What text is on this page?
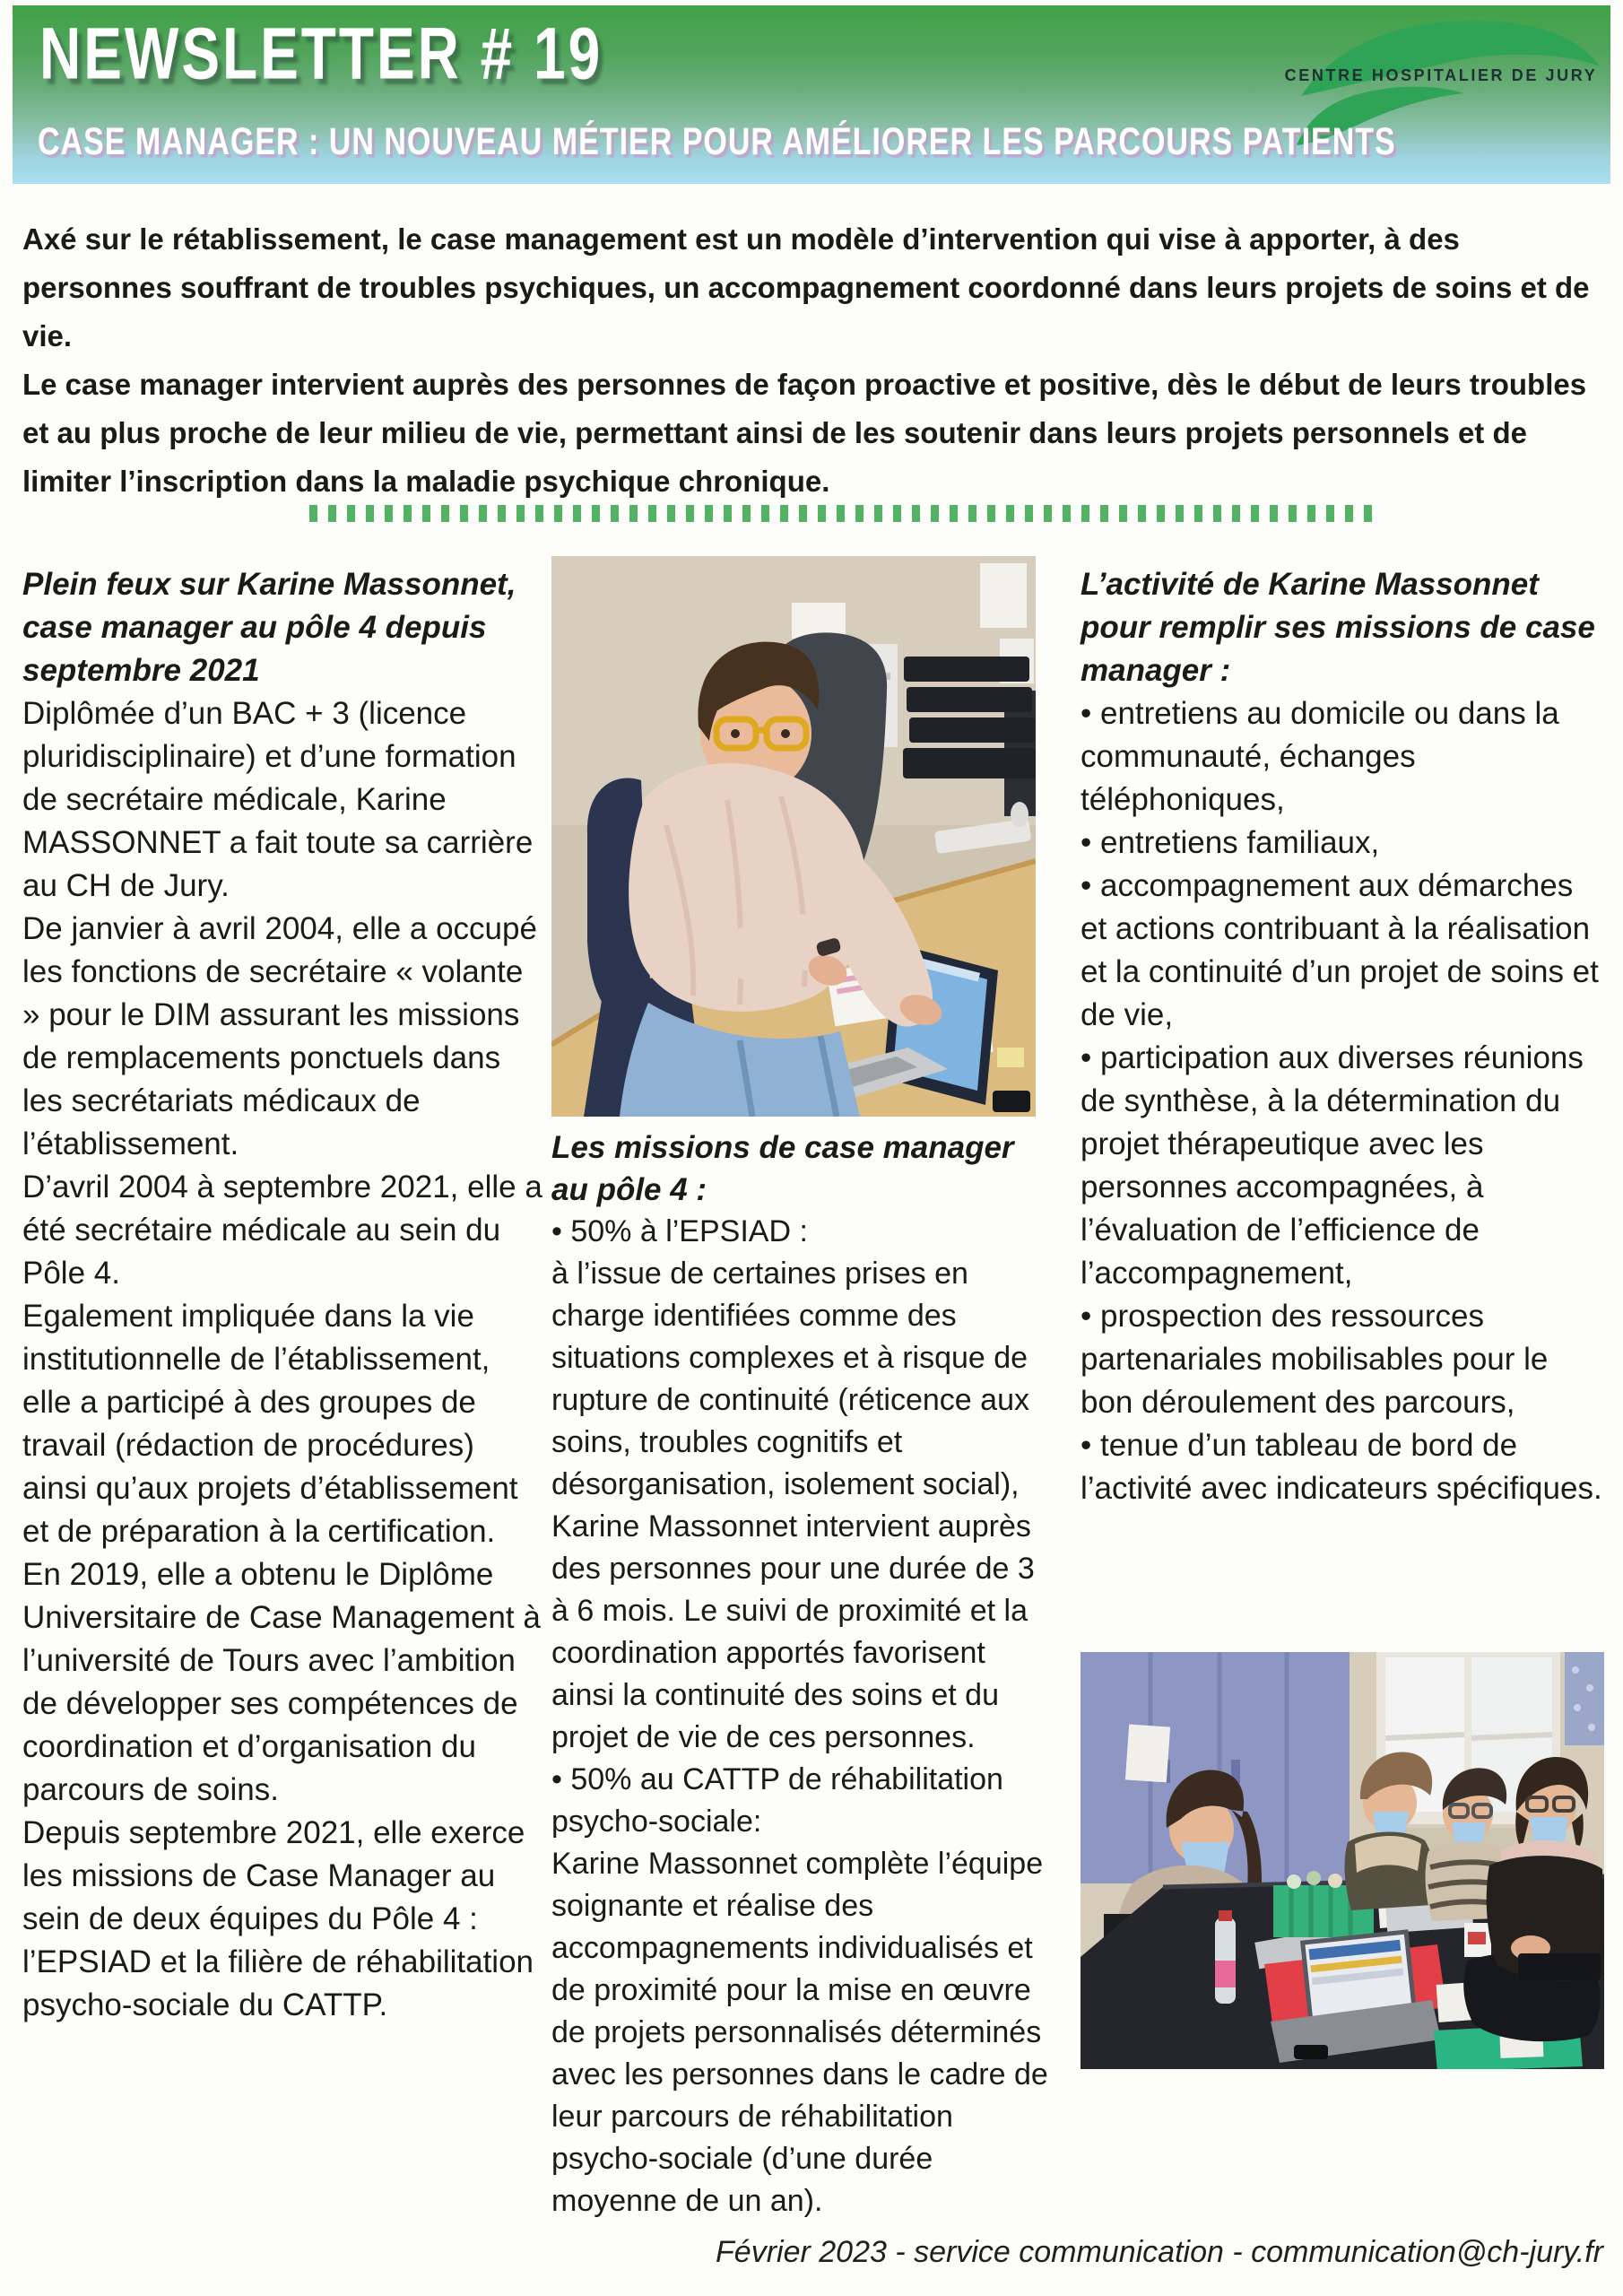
NEWSLETTER # 19	CENTRE HOSPITALIER DE JURY
CASE MANAGER : UN NOUVEAU MÉTIER POUR AMÉLIORER LES PARCOURS PATIENTS

Axé sur le rétablissement, le case management est un modèle d’intervention qui vise à apporter, à des personnes souffrant de troubles psychiques, un accompagnement coordonné dans leurs projets de soins et de vie.

Le case manager intervient auprès des personnes de façon proactive et positive, dès le début de leurs troubles et au plus proche de leur milieu de vie, permettant ainsi de les soutenir dans leurs projets personnels et de limiter l’inscription dans la maladie psychique chronique.

Plein feux sur Karine Massonnet, case manager au pôle 4 depuis septembre 2021

Diplômée d’un BAC + 3 (licence pluridisciplinaire) et d’une formation de secrétaire médicale, Karine MASSONNET a fait toute sa carrière au CH de Jury.

De janvier à avril 2004, elle a occupé les fonctions de secrétaire « volante » pour le DIM assurant les missions de remplacements ponctuels dans les secrétariats médicaux de l’établissement.

D’avril 2004 à septembre 2021, elle a été secrétaire médicale au sein du Pôle 4.

Egalement impliquée dans la vie institutionnelle de l’établissement, elle a participé à des groupes de travail (rédaction de procédures) ainsi qu’aux projets d’établissement et de préparation à la certification.

En 2019, elle a obtenu le Diplôme Universitaire de Case Management à l’université de Tours avec l’ambition de développer ses compétences de coordination et d’organisation du parcours de soins.

Depuis septembre 2021, elle exerce les missions de Case Manager au sein de deux équipes du Pôle 4 : l’EPSIAD et la filière de réhabilitation psycho-sociale du CATTP.

Les missions de case manager au pôle 4 :

• 50% à l’EPSIAD :

à l’issue de certaines prises en charge identifiées comme des situations complexes et à risque de rupture de continuité (réticence aux soins, troubles cognitifs et désorganisation, isolement social), Karine Massonnet intervient auprès des personnes pour une durée de 3 à 6 mois. Le suivi de proximité et la coordination apportés favorisent ainsi la continuité des soins et du projet de vie de ces personnes.

• 50% au CATTP de réhabilitation psycho-sociale:

Karine Massonnet complète l’équipe soignante et réalise des accompagnements individualisés et de proximité pour la mise en œuvre de projets personnalisés déterminés avec les personnes dans le cadre de leur parcours de réhabilitation psycho-sociale (d’une durée moyenne de un an).

L’activité de Karine Massonnet pour remplir ses missions de case manager :

• entretiens au domicile ou dans la communauté, échanges téléphoniques,

• entretiens familiaux,

• accompagnement aux démarches et actions contribuant à la réalisation et la continuité d’un projet de soins et de vie,

• participation aux diverses réunions de synthèse, à la détermination du projet thérapeutique avec les personnes accompagnées, à l’évaluation de l’efficience de l’accompagnement,

• prospection des ressources partenariales mobilisables pour le bon déroulement des parcours,

• tenue d’un tableau de bord de l’activité avec indicateurs spécifiques.

Février 2023 - service communication - communication@ch-jury.fr
